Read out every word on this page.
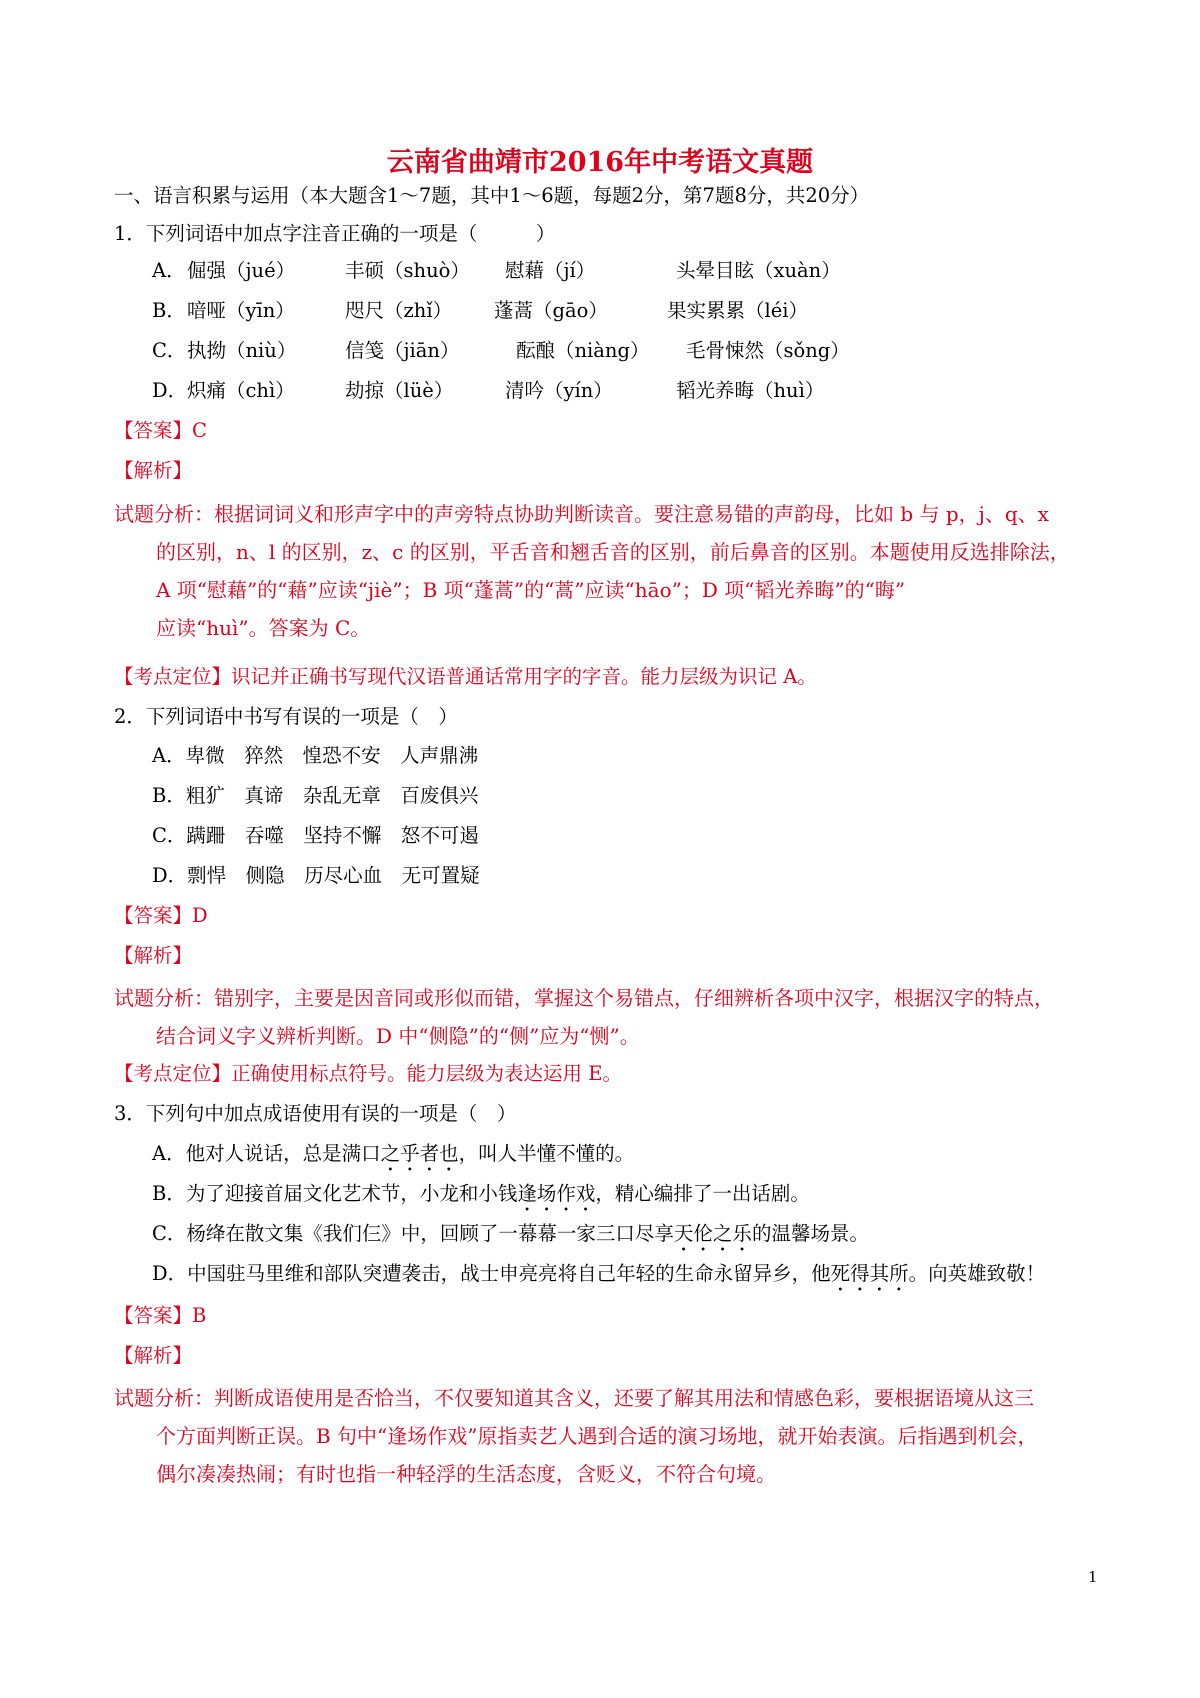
云南省曲靖市2016年中考语文真题
一、语言积累与运用（本大题含1～7题，其中1～6题，每题2分，第7题8分，共20分）
1．下列词语中加点字注音正确的一项是（　　　）
A． 倔强（jué）	丰硕（shuò） 慰藉（jí）	头晕目眩（xuàn）
B． 喑哑（yīn）	咫尺（zhǐ） 蓬蒿（gāo）	果实累累（léi）
C． 执拗（niù） 信笺（jiān）	酝酿（niàng） 毛骨悚然（sǒng）
D． 炽痛（chì）	劫掠（lüè）	清吟（yín）	韬光养晦（huì）
【答案】C
【解析】
试题分析：根据词词义和形声字中的声旁特点协助判断读音。要注意易错的声韵母，比如 b 与 p，j、q、x
的区别，n、l 的区别，z、c 的区别，平舌音和翘舌音的区别，前后鼻音的区别。本题使用反选排除法，
A 项“慰藉”的“藉”应读“jiè”；B 项“蓬蒿”的“蒿”应读“hāo”；D 项“韬光养晦”的“晦”
应读“huì”。答案为 C。
【考点定位】识记并正确书写现代汉语普通话常用字的字音。能力层级为识记 A。
2．下列词语中书写有误的一项是（　）
A．卑微　猝然　惶恐不安　人声鼎沸
B．粗犷　真谛　杂乱无章　百废俱兴
C．蹒跚　吞噬　坚持不懈　怒不可遏
D．剽悍　侧隐　历尽心血　无可置疑
【答案】D
【解析】
试题分析：错别字，主要是因音同或形似而错，掌握这个易错点，仔细辨析各项中汉字，根据汉字的特点，
结合词义字义辨析判断。D 中“侧隐”的“侧”应为“恻”。
【考点定位】正确使用标点符号。能力层级为表达运用 E。
3．下列句中加点成语使用有误的一项是（　）
A．他对人说话，总是满口之乎者也，叫人半懂不懂的。
B．为了迎接首届文化艺术节，小龙和小钱逢场作戏，精心编排了一出话剧。
C．杨绛在散文集《我们仨》中，回顾了一幕幕一家三口尽享天伦之乐的温馨场景。
D．中国驻马里维和部队突遭袭击，战士申亮亮将自己年轻的生命永留异乡，他死得其所。向英雄致敬！
【答案】B
【解析】
试题分析：判断成语使用是否恰当，不仅要知道其含义，还要了解其用法和情感色彩，要根据语境从这三
个方面判断正误。B 句中“逢场作戏”原指卖艺人遇到合适的演习场地，就开始表演。后指遇到机会，
偶尔凑凑热闹；有时也指一种轻浮的生活态度，含贬义，不符合句境。
1
